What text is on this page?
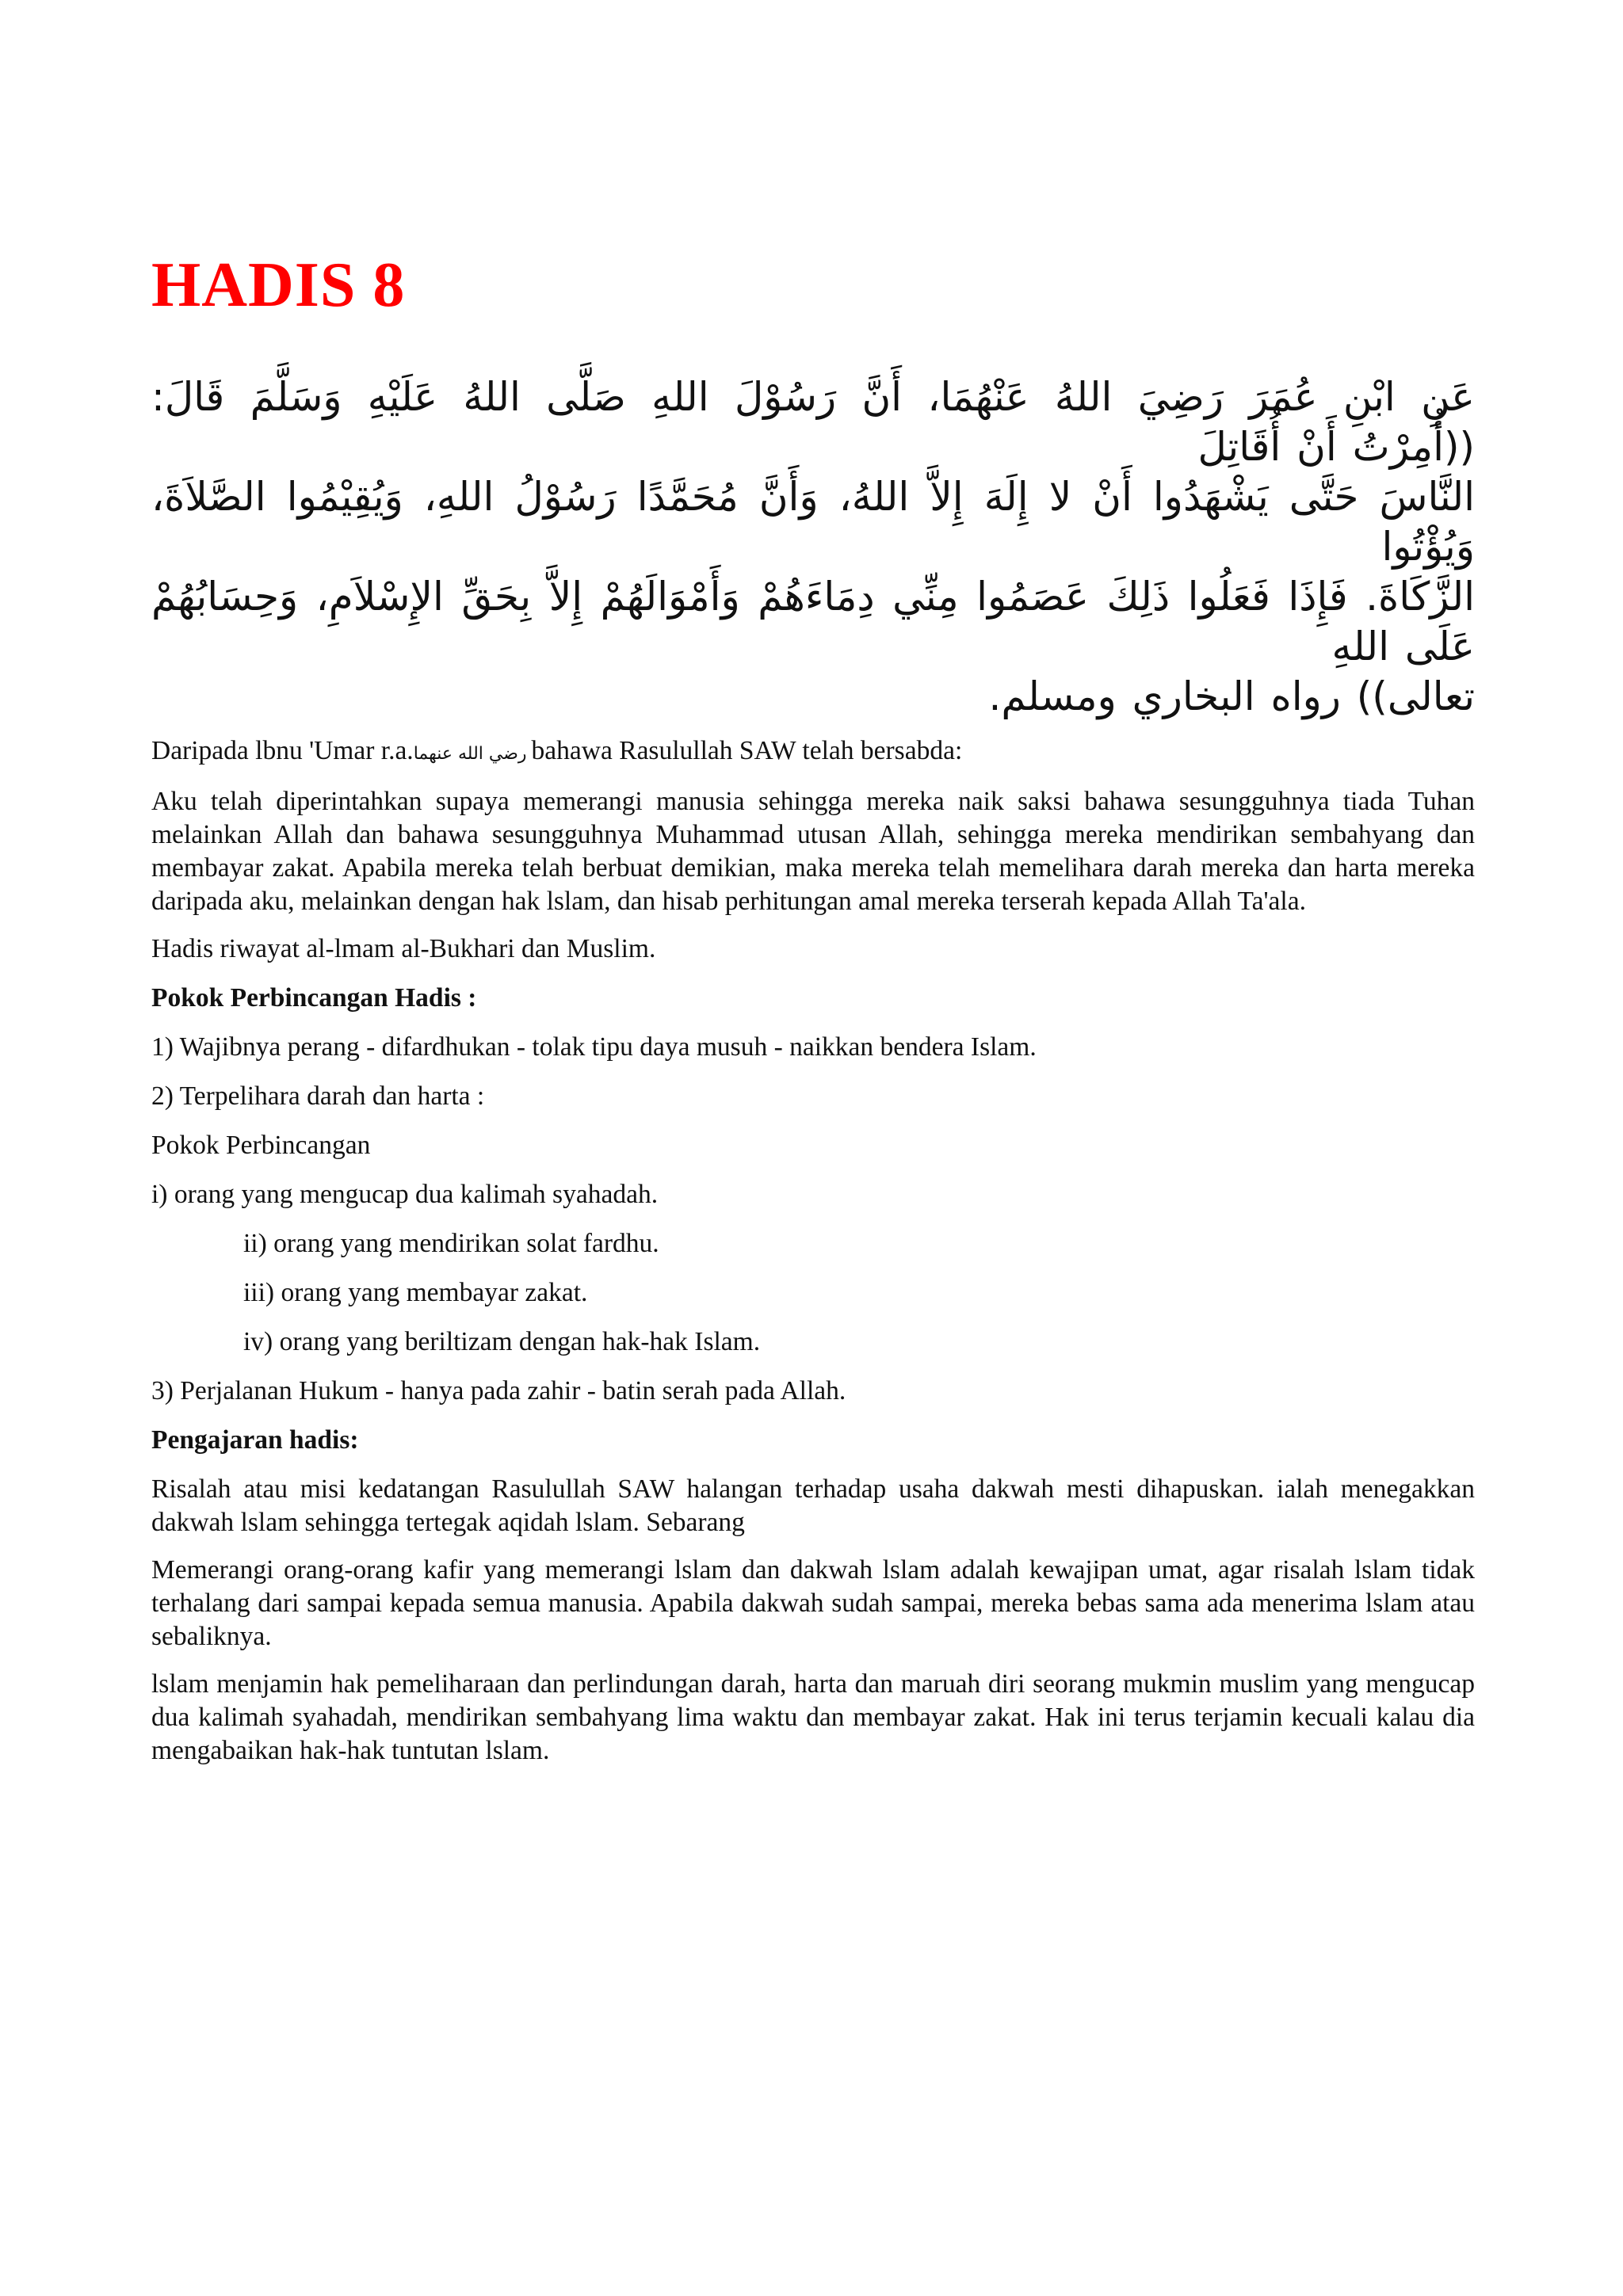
HADIS 8
عَنِ ابْنِ عُمَرَ رَضِيَ اللهُ عَنْهُمَا، أَنَّ رَسُوْلَ اللهِ صَلَّى اللهُ عَلَيْهِ وَسَلَّمَ قَالَ: ((أُمِرْتُ أَنْ أُقَاتِلَ
النَّاسَ حَتَّى يَشْهَدُوا أَنْ لا إِلَهَ إِلاَّ اللهُ، وَأَنَّ مُحَمَّدًا رَسُوْلُ اللهِ، وَيُقِيْمُوا الصَّلاَةَ، وَيُؤْتُوا
الزَّكَاةَ. فَإِذَا فَعَلُوا ذَلِكَ عَصَمُوا مِنِّي دِمَاءَهُمْ وَأَمْوَالَهُمْ إِلاَّ بِحَقِّ الإِسْلاَمِ، وَحِسَابُهُمْ عَلَى اللهِ
تعالى)) رواه البخاري ومسلم.

Daripada lbnu 'Umar r.a.رضي الله عنهما bahawa Rasulullah SAW telah bersabda:

Aku telah diperintahkan supaya memerangi manusia sehingga mereka naik saksi bahawa sesungguhnya tiada Tuhan melainkan Allah dan bahawa sesungguhnya Muhammad utusan Allah, sehingga mereka mendirikan sembahyang dan membayar zakat. Apabila mereka telah berbuat demikian, maka mereka telah memelihara darah mereka dan harta mereka daripada aku, melainkan dengan hak lslam, dan hisab perhitungan amal mereka terserah kepada Allah Ta'ala.

Hadis riwayat al-lmam al-Bukhari dan Muslim.

Pokok Perbincangan Hadis :

1) Wajibnya perang - difardhukan - tolak tipu daya musuh - naikkan bendera Islam.

2) Terpelihara darah dan harta :

Pokok Perbincangan

i) orang yang mengucap dua kalimah syahadah.

ii) orang yang mendirikan solat fardhu.

iii) orang yang membayar zakat.

iv) orang yang beriltizam dengan hak-hak Islam.

3) Perjalanan Hukum - hanya pada zahir - batin serah pada Allah.

Pengajaran hadis:

Risalah atau misi kedatangan Rasulullah SAW halangan terhadap usaha dakwah mesti dihapuskan. ialah menegakkan dakwah lslam sehingga tertegak aqidah lslam. Sebarang

Memerangi orang-orang kafir yang memerangi lslam dan dakwah lslam adalah kewajipan umat, agar risalah lslam tidak terhalang dari sampai kepada semua manusia. Apabila dakwah sudah sampai, mereka bebas sama ada menerima lslam atau sebaliknya.

lslam menjamin hak pemeliharaan dan perlindungan darah, harta dan maruah diri seorang mukmin muslim yang mengucap dua kalimah syahadah, mendirikan sembahyang lima waktu dan membayar zakat. Hak ini terus terjamin kecuali kalau dia mengabaikan hak-hak tuntutan lslam.
